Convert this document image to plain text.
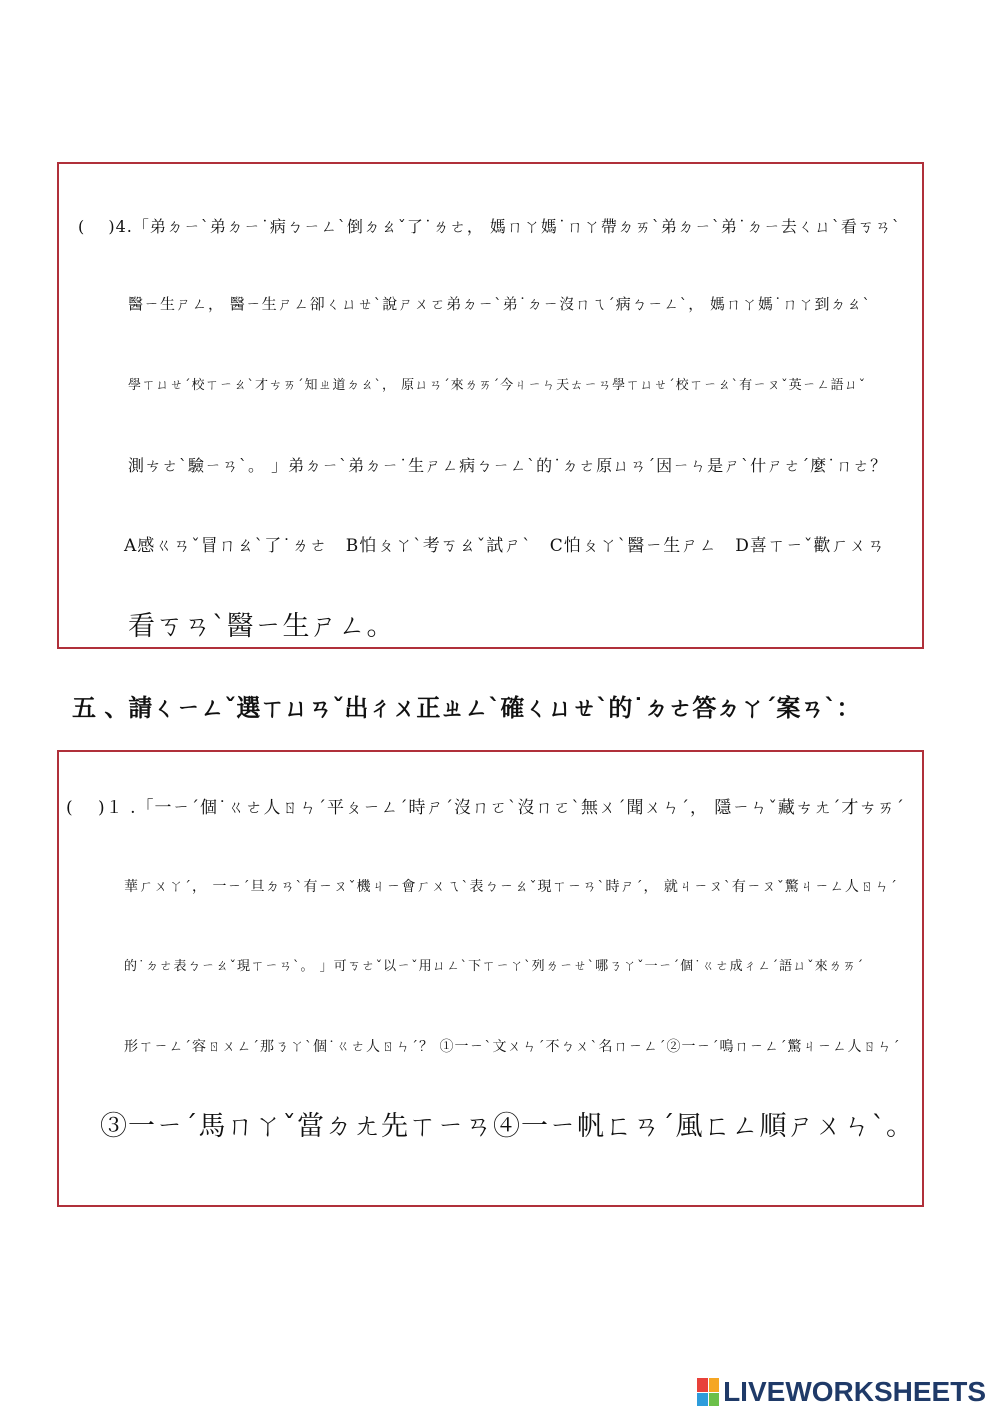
(　 )4.「弟ㄉㄧˋ弟ㄉㄧ˙病ㄅㄧㄥˋ倒ㄉㄠˇ了˙ㄌㄜ， 媽ㄇㄚ媽˙ㄇㄚ帶ㄉㄞˋ弟ㄉㄧˋ弟˙ㄉㄧ去ㄑㄩˋ看ㄎㄢˋ
醫ㄧ生ㄕㄥ， 醫ㄧ生ㄕㄥ卻ㄑㄩㄝˋ說ㄕㄨㄛ弟ㄉㄧˋ弟˙ㄉㄧ沒ㄇㄟˊ病ㄅㄧㄥˋ， 媽ㄇㄚ媽˙ㄇㄚ到ㄉㄠˋ
學ㄒㄩㄝˊ校ㄒㄧㄠˋ才ㄘㄞˊ知ㄓ道ㄉㄠˋ， 原ㄩㄢˊ來ㄌㄞˊ今ㄐㄧㄣ天ㄊㄧㄢ學ㄒㄩㄝˊ校ㄒㄧㄠˋ有ㄧㄡˇ英ㄧㄥ語ㄩˇ
測ㄘㄜˋ驗ㄧㄢˋ。 」弟ㄉㄧˋ弟ㄉㄧ˙生ㄕㄥ病ㄅㄧㄥˋ的˙ㄉㄜ原ㄩㄢˊ因ㄧㄣ是ㄕˋ什ㄕㄜˊ麼˙ㄇㄜ？
A感ㄍㄢˇ冒ㄇㄠˋ了˙ㄌㄜ　B怕ㄆㄚˋ考ㄎㄠˇ試ㄕˋ　C怕ㄆㄚˋ醫ㄧ生ㄕㄥ　D喜ㄒㄧˇ歡ㄏㄨㄢ
看ㄎㄢˋ醫ㄧ生ㄕㄥ。
五 、請ㄑㄧㄥˇ選ㄒㄩㄢˇ出ㄔㄨ正ㄓㄥˋ確ㄑㄩㄝˋ的˙ㄉㄜ答ㄉㄚˊ案ㄢˋ：
(　 )１ .「一ㄧˊ個˙ㄍㄜ人ㄖㄣˊ平ㄆㄧㄥˊ時ㄕˊ沒ㄇㄛˋ沒ㄇㄛˋ無ㄨˊ聞ㄨㄣˊ， 隱ㄧㄣˇ藏ㄘㄤˊ才ㄘㄞˊ
華ㄏㄨㄚˊ， 一ㄧˊ旦ㄉㄢˋ有ㄧㄡˇ機ㄐㄧ會ㄏㄨㄟˋ表ㄅㄧㄠˇ現ㄒㄧㄢˋ時ㄕˊ， 就ㄐㄧㄡˋ有ㄧㄡˇ驚ㄐㄧㄥ人ㄖㄣˊ
的˙ㄉㄜ表ㄅㄧㄠˇ現ㄒㄧㄢˋ。 」可ㄎㄜˇ以ㄧˇ用ㄩㄥˋ下ㄒㄧㄚˋ列ㄌㄧㄝˋ哪ㄋㄚˇ一ㄧˊ個˙ㄍㄜ成ㄔㄥˊ語ㄩˇ來ㄌㄞˊ
形ㄒㄧㄥˊ容ㄖㄨㄥˊ那ㄋㄚˋ個˙ㄍㄜ人ㄖㄣˊ？ ①一ㄧˋ文ㄨㄣˊ不ㄅㄨˋ名ㄇㄧㄥˊ②一ㄧˊ鳴ㄇㄧㄥˊ驚ㄐㄧㄥ人ㄖㄣˊ
③一ㄧˊ馬ㄇㄚˇ當ㄉㄤ先ㄒㄧㄢ④一ㄧ帆ㄈㄢˊ風ㄈㄥ順ㄕㄨㄣˋ。
LIVEWORKSHEETS
